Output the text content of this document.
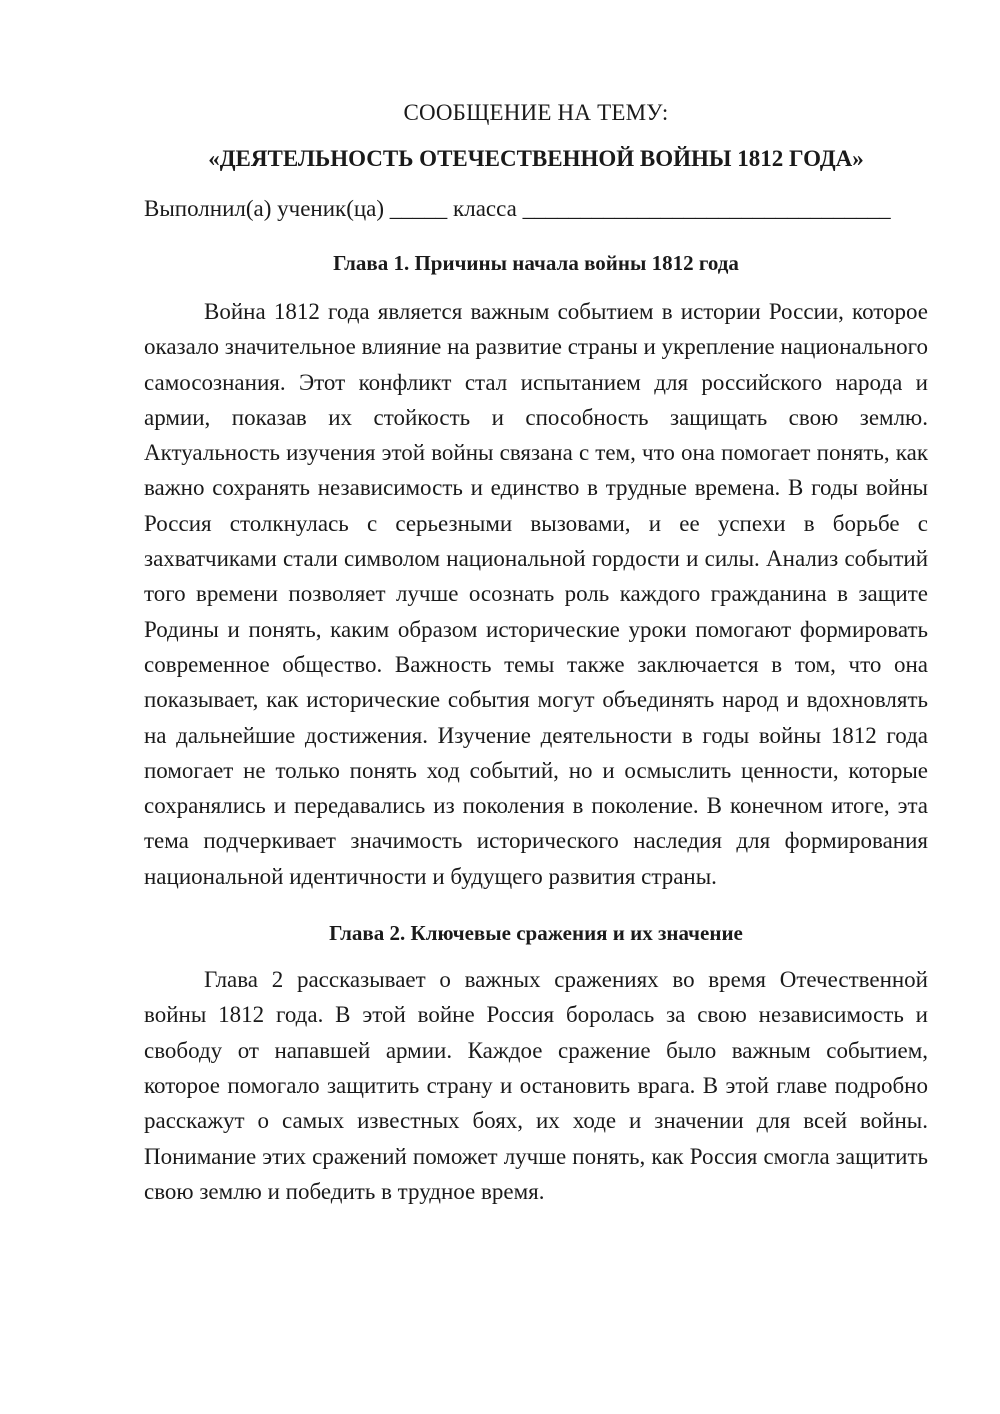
СООБЩЕНИЕ НА ТЕМУ:

«ДЕЯТЕЛЬНОСТЬ ОТЕЧЕСТВЕННОЙ ВОЙНЫ 1812 ГОДА»

Выполнил(а) ученик(ца) _____ класса ________________________________

Глава 1. Причины начала войны 1812 года

Война 1812 года является важным событием в истории России, которое оказало значительное влияние на развитие страны и укрепление национального самосознания. Этот конфликт стал испытанием для российского народа и армии, показав их стойкость и способность защищать свою землю. Актуальность изучения этой войны связана с тем, что она помогает понять, как важно сохранять независимость и единство в трудные времена. В годы войны Россия столкнулась с серьезными вызовами, и ее успехи в борьбе с захватчиками стали символом национальной гордости и силы. Анализ событий того времени позволяет лучше осознать роль каждого гражданина в защите Родины и понять, каким образом исторические уроки помогают формировать современное общество. Важность темы также заключается в том, что она показывает, как исторические события могут объединять народ и вдохновлять на дальнейшие достижения. Изучение деятельности в годы войны 1812 года помогает не только понять ход событий, но и осмыслить ценности, которые сохранялись и передавались из поколения в поколение. В конечном итоге, эта тема подчеркивает значимость исторического наследия для формирования национальной идентичности и будущего развития страны.

Глава 2. Ключевые сражения и их значение

Глава 2 рассказывает о важных сражениях во время Отечественной войны 1812 года. В этой войне Россия боролась за свою независимость и свободу от напавшей армии. Каждое сражение было важным событием, которое помогало защитить страну и остановить врага. В этой главе подробно расскажут о самых известных боях, их ходе и значении для всей войны. Понимание этих сражений поможет лучше понять, как Россия смогла защитить свою землю и победить в трудное время.
